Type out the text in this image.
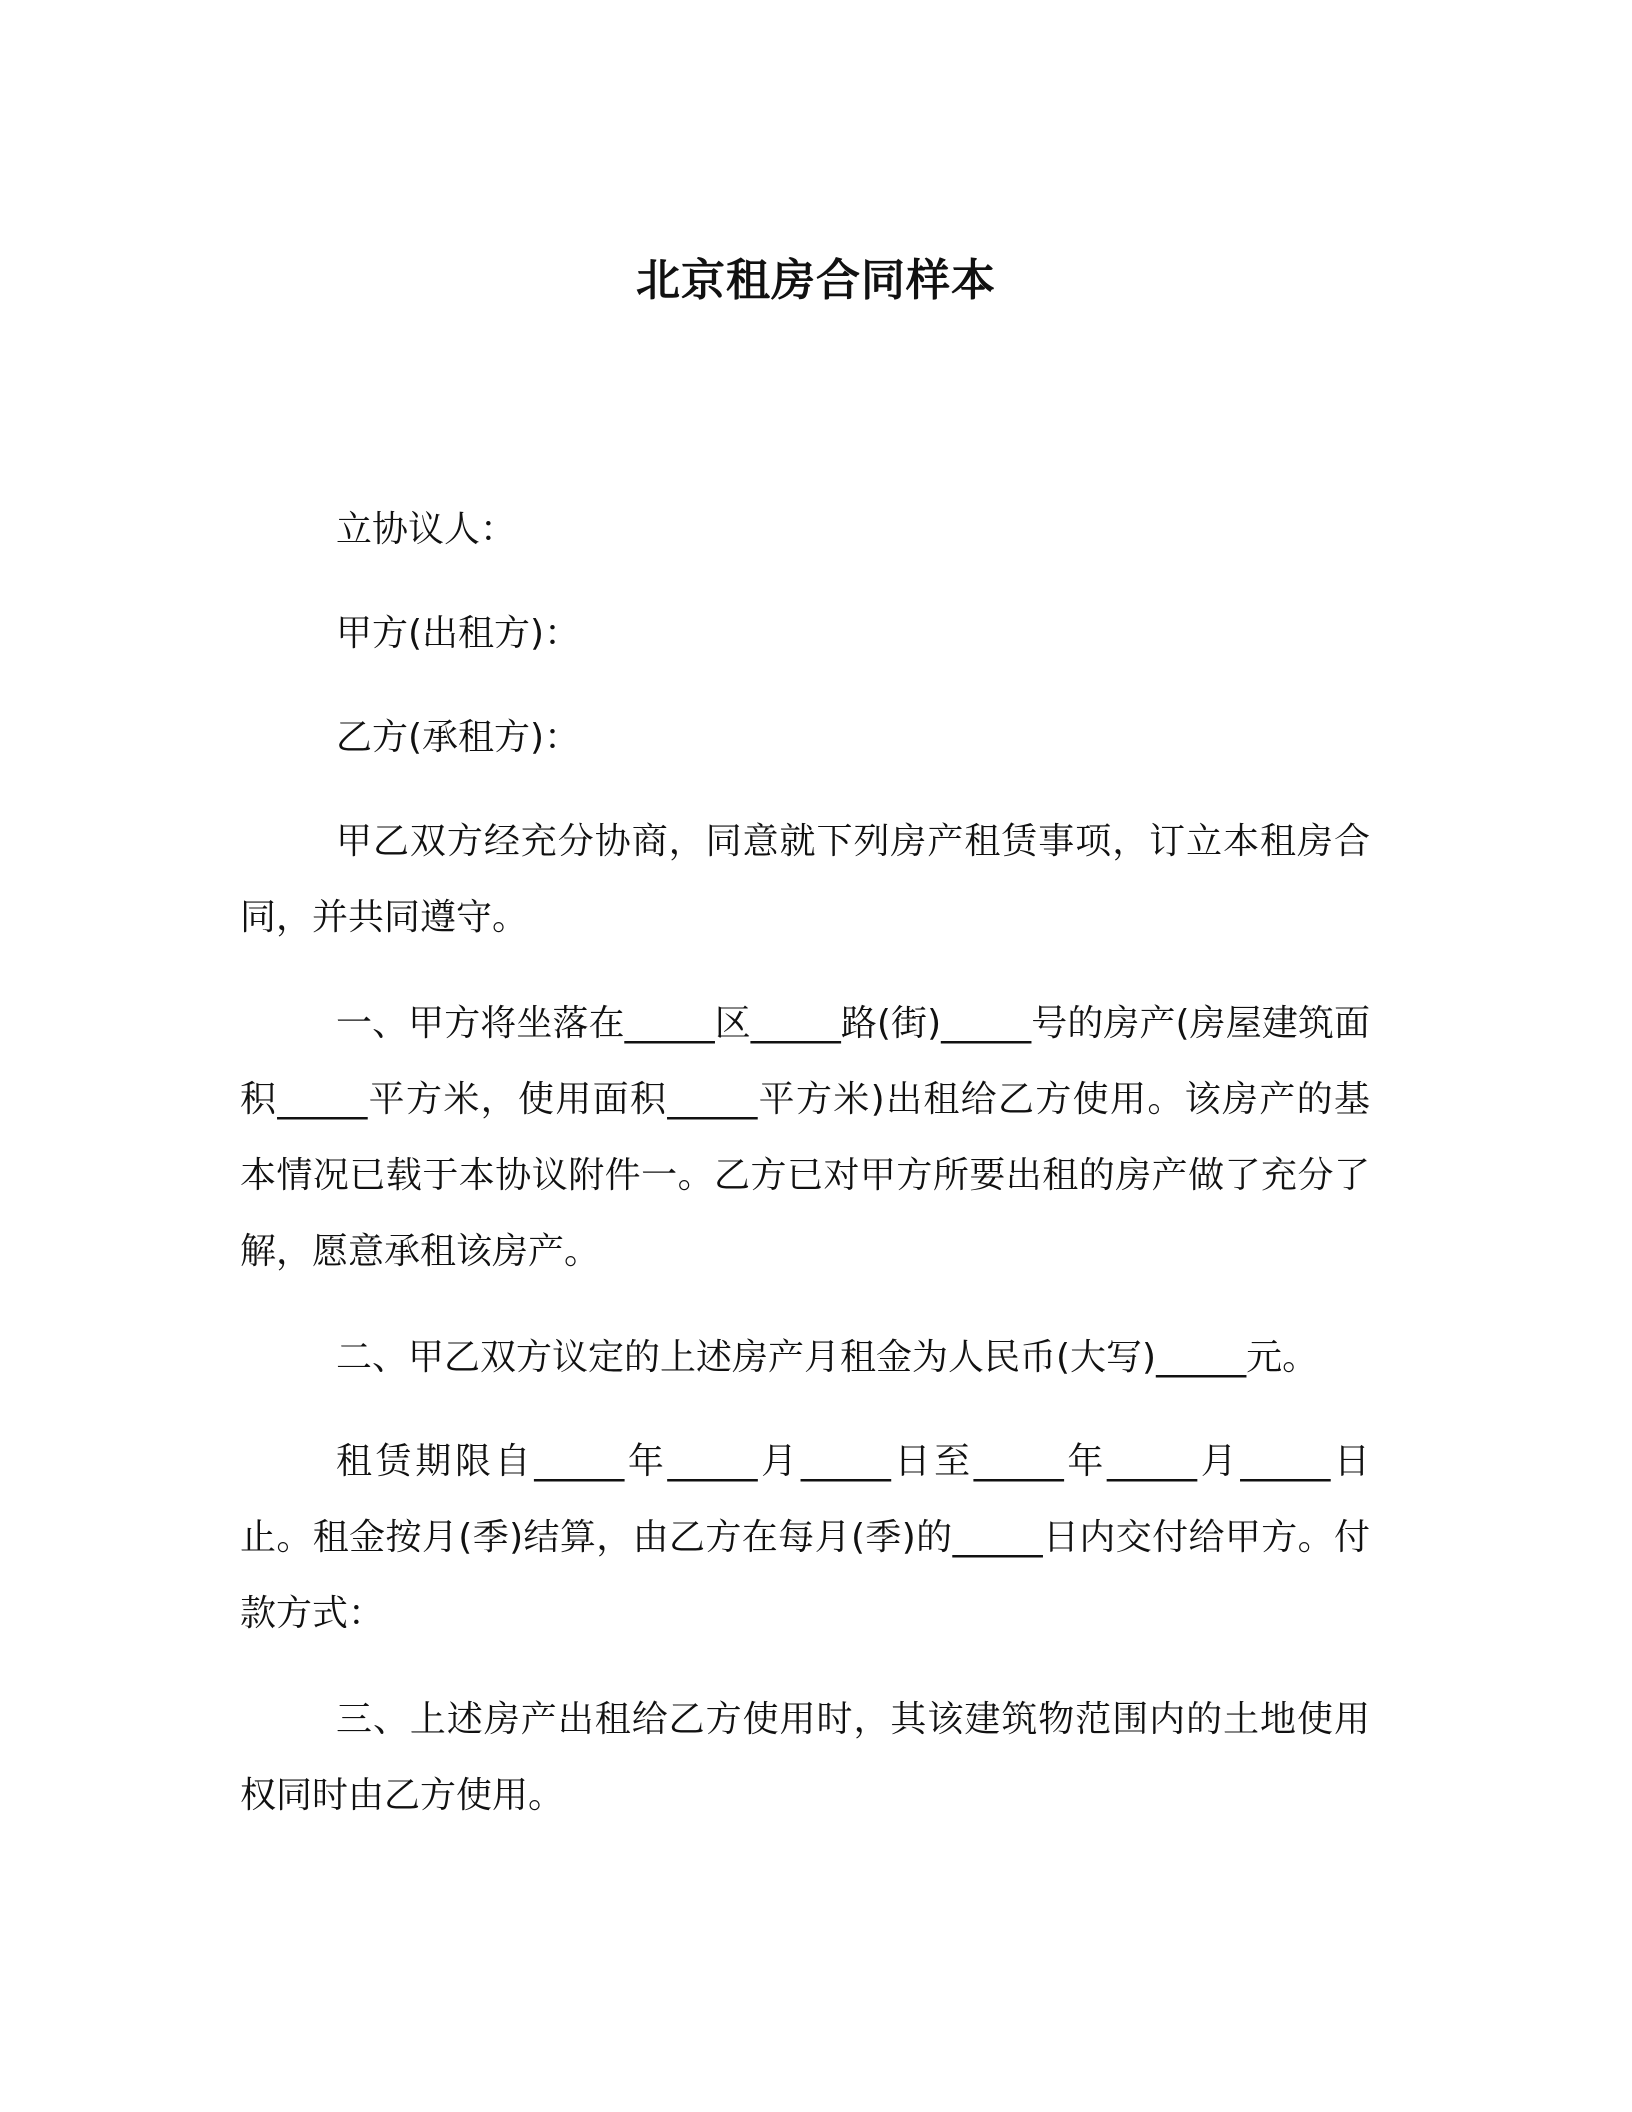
北京租房合同样本

立协议人：

甲方(出租方)：

乙方(承租方)：

甲乙双方经充分协商，同意就下列房产租赁事项，订立本租房合同，并共同遵守。

一、甲方将坐落在_____区_____路(街)_____号的房产(房屋建筑面积_____平方米，使用面积_____平方米)出租给乙方使用。该房产的基本情况已载于本协议附件一。乙方已对甲方所要出租的房产做了充分了解，愿意承租该房产。

二、甲乙双方议定的上述房产月租金为人民币(大写)_____元。

租赁期限自_____年_____月_____日至_____年_____月_____日止。租金按月(季)结算，由乙方在每月(季)的_____日内交付给甲方。付款方式：

三、上述房产出租给乙方使用时，其该建筑物范围内的土地使用权同时由乙方使用。
